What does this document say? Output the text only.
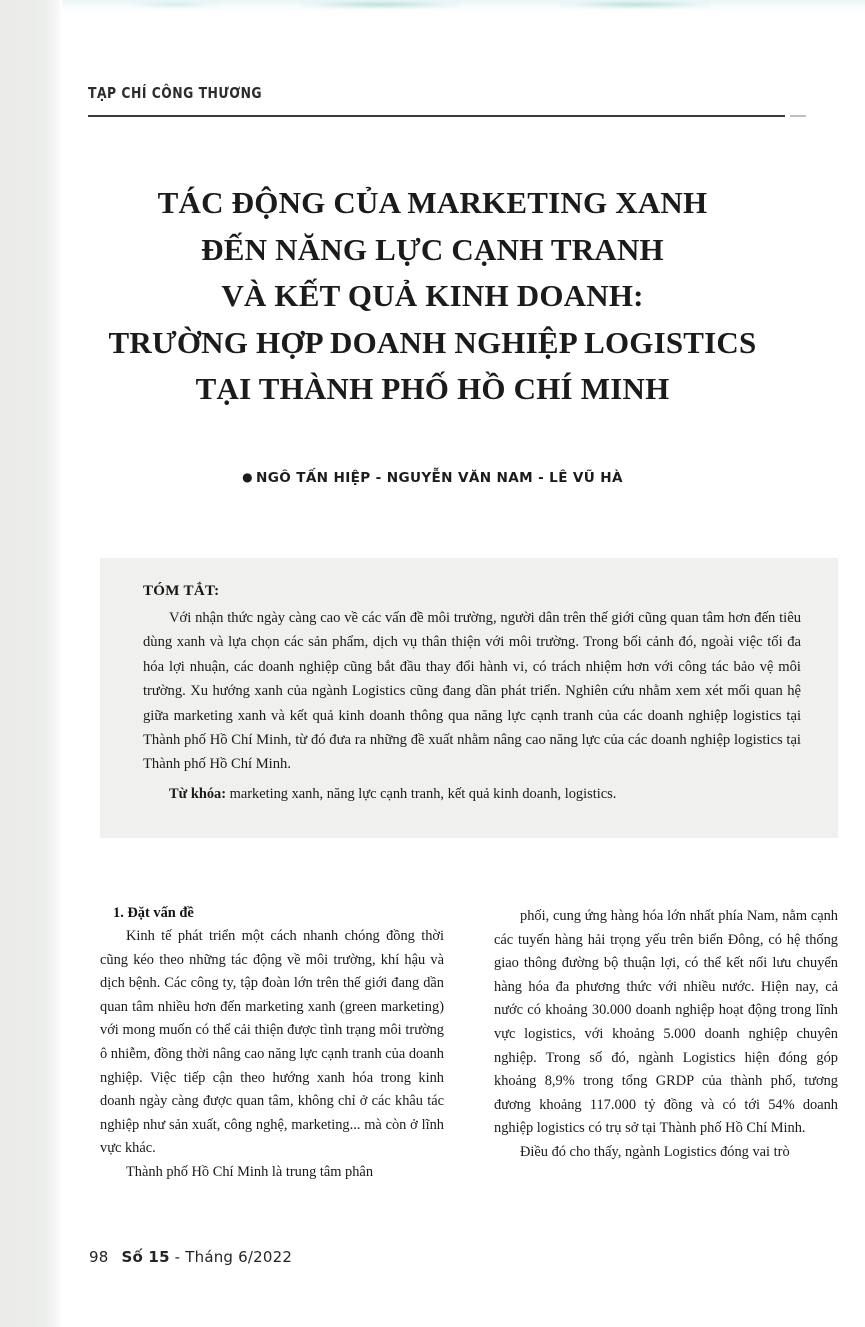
TẠP CHÍ CÔNG THƯƠNG
TÁC ĐỘNG CỦA MARKETING XANH
ĐẾN NĂNG LỰC CẠNH TRANH
VÀ KẾT QUẢ KINH DOANH:
TRƯỜNG HỢP DOANH NGHIỆP LOGISTICS
TẠI THÀNH PHỐ HỒ CHÍ MINH
● NGÔ TẤN HIỆP - NGUYỄN VĂN NAM - LÊ VŨ HÀ
TÓM TẮT:

Với nhận thức ngày càng cao về các vấn đề môi trường, người dân trên thế giới cũng quan tâm hơn đến tiêu dùng xanh và lựa chọn các sản phẩm, dịch vụ thân thiện với môi trường. Trong bối cảnh đó, ngoài việc tối đa hóa lợi nhuận, các doanh nghiệp cũng bắt đầu thay đổi hành vi, có trách nhiệm hơn với công tác bảo vệ môi trường. Xu hướng xanh của ngành Logistics cũng đang dần phát triển. Nghiên cứu nhằm xem xét mối quan hệ giữa marketing xanh và kết quả kinh doanh thông qua năng lực cạnh tranh của các doanh nghiệp logistics tại Thành phố Hồ Chí Minh, từ đó đưa ra những đề xuất nhằm nâng cao năng lực của các doanh nghiệp logistics tại Thành phố Hồ Chí Minh.

Từ khóa: marketing xanh, năng lực cạnh tranh, kết quả kinh doanh, logistics.
1. Đặt vấn đề

Kinh tế phát triển một cách nhanh chóng đồng thời cũng kéo theo những tác động về môi trường, khí hậu và dịch bệnh. Các công ty, tập đoàn lớn trên thế giới đang dần quan tâm nhiều hơn đến marketing xanh (green marketing) với mong muốn có thể cải thiện được tình trạng môi trường ô nhiễm, đồng thời nâng cao năng lực cạnh tranh của doanh nghiệp. Việc tiếp cận theo hướng xanh hóa trong kinh doanh ngày càng được quan tâm, không chỉ ở các khâu tác nghiệp như sản xuất, công nghệ, marketing... mà còn ở lĩnh vực khác.

Thành phố Hồ Chí Minh là trung tâm phân

phối, cung ứng hàng hóa lớn nhất phía Nam, nằm cạnh các tuyến hàng hải trọng yếu trên biển Đông, có hệ thống giao thông đường bộ thuận lợi, có thể kết nối lưu chuyển hàng hóa đa phương thức với nhiều nước. Hiện nay, cả nước có khoảng 30.000 doanh nghiệp hoạt động trong lĩnh vực logistics, với khoảng 5.000 doanh nghiệp chuyên nghiệp. Trong số đó, ngành Logistics hiện đóng góp khoảng 8,9% trong tổng GRDP của thành phố, tương đương khoảng 117.000 tỷ đồng và có tới 54% doanh nghiệp logistics có trụ sở tại Thành phố Hồ Chí Minh.

Điều đó cho thấy, ngành Logistics đóng vai trò

98 Số 15 - Tháng 6/2022
